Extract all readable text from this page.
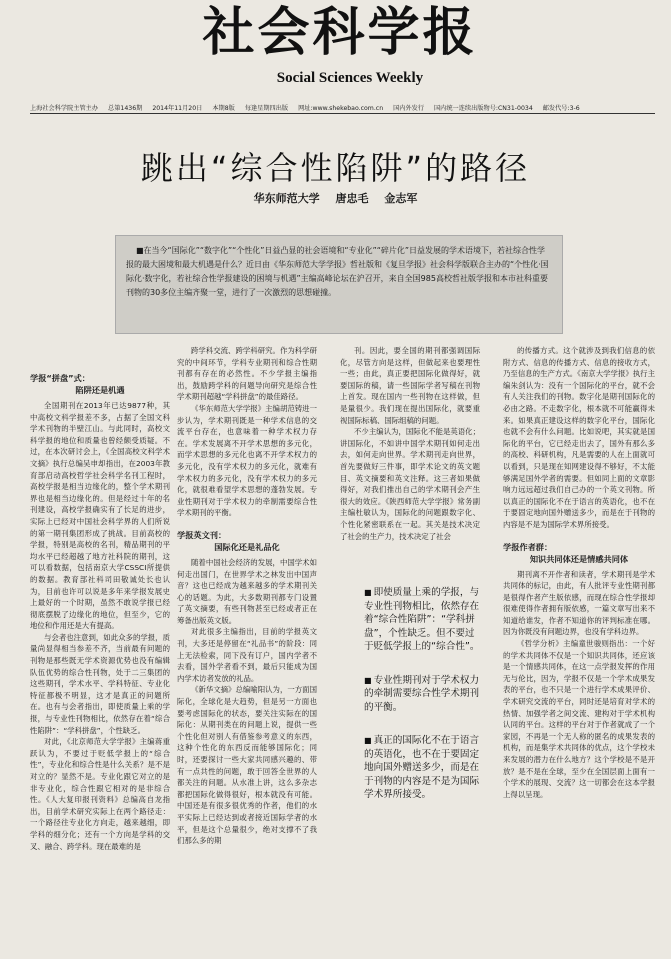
社会科学报
Social Sciences Weekly
上海社会科学院主管主办 总第1436期 2014年11月20日 本期8版 每逢星期四出版 网址:www.shekebao.com.cn 国内外发行 国内统一连续出版物号:CN31-0034 邮发代号:3-6
跳出“综合性陷阱”的路径
华东师范大学 唐忠毛 金志军
■在当今“国际化”“数字化”“个性化”日益凸显的社会语境和“专业化”“碎片化”日益发展的学术语境下，若社综合性学报的最大困境和最大机遇是什么？近日由《华东师范大学学报》哲社版和《复旦学报》社会科学版联合主办的“个性化·国际化·数字化，若社综合性学报建设的困境与机遇”主编高峰论坛在沪召开，来自全国985高校哲社版学报和本市社科重要刊物的30多位主编齐聚一堂，进行了一次激烈的思想碰撞。
学报“拼盘”式：
陷阱还是机遇

全国期刊在2013年已达9877种，其中高校文科学报差不多，占据了全国文科学术刊物的半壁江山。与此同时，高校文科学报的地位和质量也曾经颇受质疑。不过，在本次研讨会上，《全国高校文科学术文摘》执行总编吴申却指出，在2003年教育部启动高校哲学社会科学名刊工程时，高校学报是相当边缘化的，整个学术期刊界也是相当边缘化的。但是经过十年的名刊建设，高校学报确实有了长足的进步，实际上已经对中国社会科学界的人们所说的第一期刊集团形成了挑战。目前高校的学报，特别是高校的名刊，精品期刊的平均水平已经超越了地方社科院的期刊，这可以看数据，包括南京大学CSSCI所提供的数据。教育部社科司田敬诚处长也认为，目前也许可以说是多年来学报发展史上最好的一个时期，虽然不敢说学报已经彻底摆脱了边缘化的地位，但至少，它的地位和作用还是大有提高。

与会者也注意到，如此众多的学报，质量尚显得相当参差不齐，当前最有问题的刊物是那些既无学术资源优势也没有编辑队伍优势的综合性刊物，处于二三集团的这些期刊，学术水平、学科特征、专业化特征都极不明显，这才是真正的问题所在。也有与会者指出，即使质量上乘的学报，与专业性刊物相比，依然存在着“综合性陷阱”：“学科拼盘”，个性缺乏。

对此，《北京师范大学学报》主编蒋重跃认为，不要过于贬低学报上的“综合性”，专业化和综合性是什么关系？是不是对立的？显然不是。专业化跟它对立的是非专业化，综合性跟它相对的是非综合性。《人大复印报刊资料》总编高自龙指出，目前学术研究实际上在两个路径走：一个路径往专业化方向走，越来越细，即学科的细分化；还有一个方向是学科的交叉、融合、跨学科。现在最难的是

跨学科交流、跨学科研究。作为科学研究的中间环节，学科专业期刊和综合性期刊都有存在的必然性。不少学报主编指出，鼓励跨学科的问题导向研究是综合性学术期刊超越“学科拼盘”的最佳路径。

《华东师范大学学报》主编胡范铸进一步认为，学术期刊既是一种学术信息的交流平台存在，也意味着一种学术权力存在。学术发展离不开学术思想的多元化，而学术思想的多元化也离不开学术权力的多元化，没有学术权力的多元化，就难有学术权力的多元化，没有学术权力的多元化，就很难看望学术思想的蓬勃发展。专业性期刊对于学术权力的牵制需要综合性学术期刊的平衡。

学报英文刊：
国际化还是礼品化

随着中国社会经济的发展，中国学术如何走出国门，在世界学术之林发出中国声音？这也已经成为越来越多的学术期刊关心的话题。为此，大多数期刊都专门设置了英文摘要，有些刊物甚至已经或者正在筹备出版英文版。

对此很多主编指出，目前的学报英文刊，大多还是停留在“礼品书”的阶段：同上无法检索，同下没有订户，国内学者不去看，国外学者看不到，最后只能成为国内学术访者发放的礼品。

《新华文摘》总编喻阳认为，一方面国际化，全球化是大趋势，但是另一方面也要考虑国际化的状态，要关注实际在的国际化：从期刊类在的问题上说，提供一些个性化但对别人有借鉴参考意义的东西，这种个性化的东西反而能够国际化；同时，还要探讨一些大家共同感兴趣的、带有一点共性的问题，敢于回答全世界的人都关注的问题。从水准上讲，这么多杂志都把国际化做得很好，根本就没有可能。中国还是有很多很优秀的作者，他们的水平实际上已经达到或者接近国际学者的水平，但是这个总量很少，绝对支撑不了我们那么多的期

刊。因此，要全国的期刊都强调国际化，尽管方向是这样，但做起来也要理性一些；由此，真正要把国际化做得好，就要国际的稿，请一些国际学者写稿在刊物上首发。现在国内一些刊物在这样做，但是量很少。我们现在提出国际化，就要重视国际标稿、国际组稿的问题。

不少主编认为，国际化不能是英语化；讲国际化，不如讲中国学术期刊如何走出去，如何走向世界。学术期刊走向世界，首先要做好三件事，即学术论文的英文题目、英文摘要和英文注释。这三者如果做得好，对我们推出自己的学术期刊会产生很大的效应。《陕西师范大学学报》常务副主编杜敏认为，国际化的问题跟数字化、个性化紧密联系在一起。其关是技术决定了社会的生产力，技术决定了社会

■ 即使质量上乘的学报，与专业性刊物相比，依然存在着“综合性陷阱”：“学科拼盘”，个性缺乏。但不要过于贬低学报上的“综合性”。
■ 专业性期刊对于学术权力的牵制需要综合性学术期刊的平衡。
■ 真正的国际化不在于语言的英语化，也不在于要固定地向国外赠送多少，而是在于刊物的内容是不是为国际学术界所接受。

的传播方式。这个就涉及到我们信息的依附方式、信息的传播方式、信息的接收方式，乃至信息的生产方式。《南京大学学报》执行主编朱剑认为：没有一个国际化的平台，就不会有人关注我们的刊物。数字化是期刊国际化的必由之路。不走数字化，根本就不可能赢得未来。如果真正建设这样的数字化平台，国际化也就不会有什么问题。比如说吧，其实就是国际化的平台，它已经走出去了，国外有那么多的高校、科研机构，凡是需要的人在上面就可以看到，只是现在知网建设得不够好，不太能够满足国外学者的需要。但如同上面的文章影响力远远超过我们自己办的一个英文刊物。所以真正的国际化不在于语言的英语化，也不在于要固定地向国外赠送多少，而是在于刊物的内容是不是为国际学术界所接受。

学报作者群：
知识共同体还是情感共同体

期刊离不开作者和读者，学术期刊是学术共同体的标记，由此，有人批评专业性期刊都是很得作者产生版依感，而现在综合性学报却很难使得作者拥有版依感，一篇文章写出来不知道给谁发，作者不知道你的评判标准在哪。因为你既没有问题边界，也没有学科边界。

《哲学分析》主编童世骏则指出：一个好的学术共同体不仅是一个知识共同体，还应该是一个情感共同体，在这一点学报发挥的作用无与伦比，因为，学报不仅是一个学术成果发表的平台，也不只是一个进行学术成果评价、学术研究交流的平台，同时还是培育对学术的热情、加强学者之间交流、建构对于学术机构认同的平台。这样的平台对于作者就成了一个家园，不再是一个无人称的匿名的成果发表的机构，而是集学术共同体的优点，这个学校未来发展的潜力在什么地方？这个学校是不是开放？是不是在全球，至少在全国层面上面有一个学术的展现、交流？这一切都会在这本学报上得以呈现。
